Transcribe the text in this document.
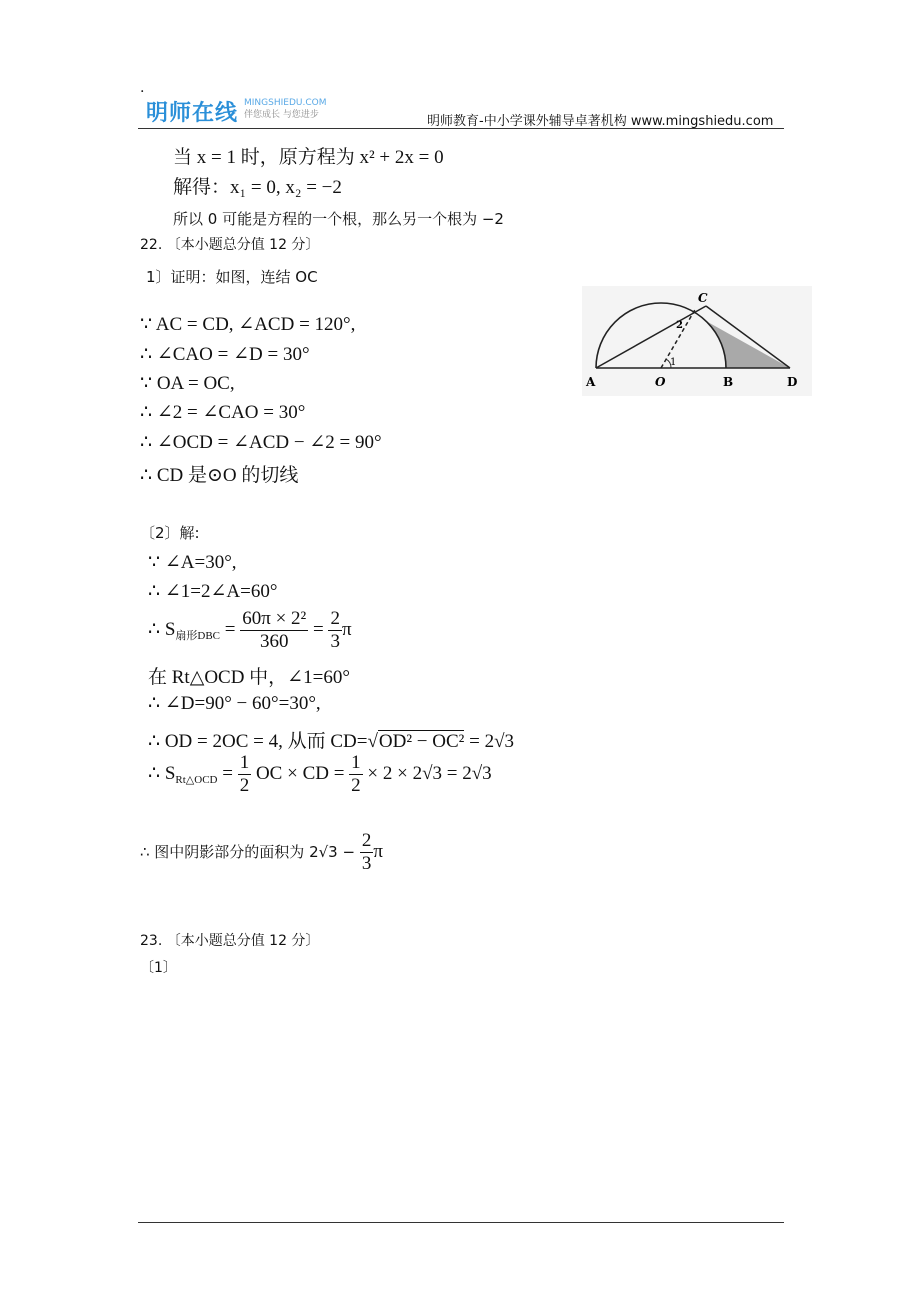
.
明师在线 MINGSHIEDU.COM
伴您成长 与您进步	明师教育-中小学课外辅导卓著机构 www.mingshiedu.com
当 x = 1 时，原方程为 x² + 2x = 0
解得：x₁ = 0, x₂ = −2
所以 0 可能是方程的一个根，那么另一个根为 −2
22. 〔本小题总分值 12 分〕
1〕证明：如图，连结 OC
∵ AC = CD, ∠ACD = 120°,
∴ ∠CAO = ∠D = 30°
∵ OA = OC,
∴ ∠2 = ∠CAO = 30°
∴ ∠OCD = ∠ACD − ∠2 = 90°
∴ CD 是⊙O 的切线
A	O	B	D
C
1
2
〔2〕解:
∵ ∠A=30°,
∴ ∠1=2∠A=60°
∴ $S_{扇形DBC} = \frac{\text{60π × 2²}}{360} = \frac{2}{3}$ π
在 Rt△OCD 中，∠1=60°
∴ ∠D=90° − 60°=30°,
∴ OD = 2OC = 4, 从而 CD=√OD² − OC² = 2√3
∴ $S_{Rt\triangle OCD} = \frac{1}{2}$ OC × CD = $\frac{1}{2} \times 2 \times 2√3 = 2√3$
∴ 图中阴影部分的面积为 $2√3 - \frac{2}{3}$ π
23. 〔本小题总分值 12 分〕
〔1〕
